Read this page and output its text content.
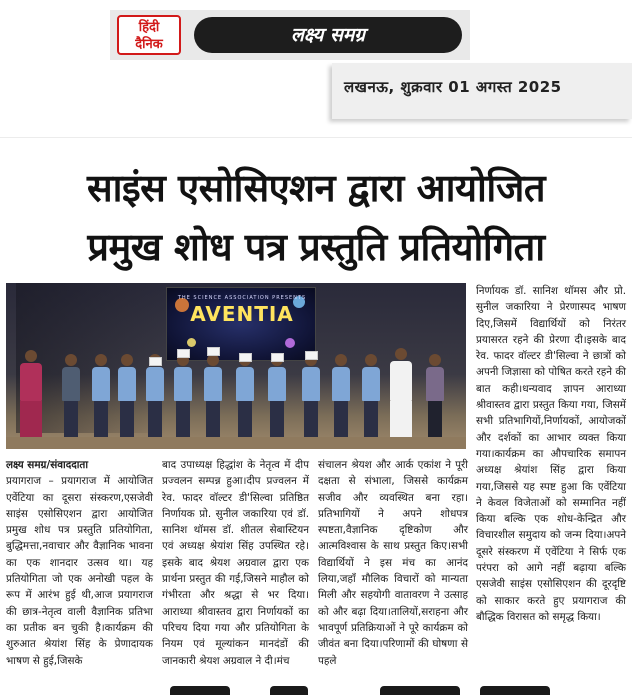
हिंदी
दैनिक	लक्ष्य समग्र
लखनऊ, शुक्रवार 01 अगस्त 2025
साइंस एसोसिएशन द्वारा आयोजित
प्रमुख शोध पत्र प्रस्तुति प्रतियोगिता
THE SCIENCE ASSOCIATION PRESENTS
AVENTIA
निर्णायक डॉ. सानिश थॉमस और प्रो. सुनील जकारिया ने प्रेरणास्पद भाषण दिए,जिसमें विद्यार्थियों को निरंतर प्रयासरत रहने की प्रेरणा दी।इसके बाद रेव. फादर वॉल्टर डी'सिल्वा ने छात्रों को अपनी जिज्ञासा को पोषित करते रहने की बात कही।धन्यवाद ज्ञापन आराध्या श्रीवास्तव द्वारा प्रस्तुत किया गया, जिसमें सभी प्रतिभागियों,निर्णायकों, आयोजकों और दर्शकों का आभार व्यक्त किया गया।कार्यक्रम का औपचारिक समापन अध्यक्ष श्रेयांश सिंह द्वारा किया गया,जिससे यह स्पष्ट हुआ कि एवेंटिया ने केवल विजेताओं को सम्मानित नहीं किया बल्कि एक शोध-केन्द्रित और विचारशील समुदाय को जन्म दिया।अपने दूसरे संस्करण में एवेंटिया ने सिर्फ एक परंपरा को आगे नहीं बढ़ाया बल्कि एसजेवी साइंस एसोसिएशन की दूरदृष्टि को साकार करते हुए प्रयागराज की बौद्धिक विरासत को समृद्ध किया।
लक्ष्य समग्र/संवाददाता
प्रयागराज – प्रयागराज में आयोजित एवेंटिया का दूसरा संस्करण,एसजेवी साइंस एसोसिएशन द्वारा आयोजित प्रमुख शोध पत्र प्रस्तुति प्रतियोगिता, बुद्धिमत्ता,नवाचार और वैज्ञानिक भावना का एक शानदार उत्सव था। यह प्रतियोगिता जो एक अनोखी पहल के रूप में आरंभ हुई थी,आज प्रयागराज की छात्र-नेतृत्व वाली वैज्ञानिक प्रतिभा का प्रतीक बन चुकी है।कार्यक्रम की शुरुआत श्रेयांश सिंह के प्रेणादायक भाषण से हुई,जिसके
बाद उपाध्यक्ष हिद्धांश के नेतृत्व में दीप प्रज्वलन सम्पन्न हुआ।दीप प्रज्वलन में रेव. फादर वॉल्टर डी'सिल्वा प्रतिष्ठित निर्णायक प्रो. सुनील जकारिया एवं डॉ. सानिश थॉमस डॉ. शीतल सेबास्टियन एवं अध्यक्ष श्रेयांश सिंह उपस्थित रहे।इसके बाद श्रेयश अग्रवाल द्वारा एक प्रार्थना प्रस्तुत की गई,जिसने माहौल को गंभीरता और श्रद्धा से भर दिया। आराध्या श्रीवास्तव द्वारा निर्णायकों का परिचय दिया गया और प्रतियोगिता के नियम एवं मूल्यांकन मानदंडों की जानकारी श्रेयश अग्रवाल ने दी।मंच
संचालन श्रेयश और आर्क एकांश ने पूरी दक्षता से संभाला, जिससे कार्यक्रम सजीव और व्यवस्थित बना रहा।प्रतिभागियों ने अपने शोधपत्र स्पष्टता,वैज्ञानिक दृष्टिकोण और आत्मविश्वास के साथ प्रस्तुत किए।सभी विद्यार्थियों ने इस मंच का आनंद लिया,जहाँ मौलिक विचारों को मान्यता मिली और सहयोगी वातावरण ने उत्साह को और बढ़ा दिया।तालियों,सराहना और भावपूर्ण प्रतिक्रियाओं ने पूरे कार्यक्रम को जीवंत बना दिया।परिणामों की घोषणा से पहले
